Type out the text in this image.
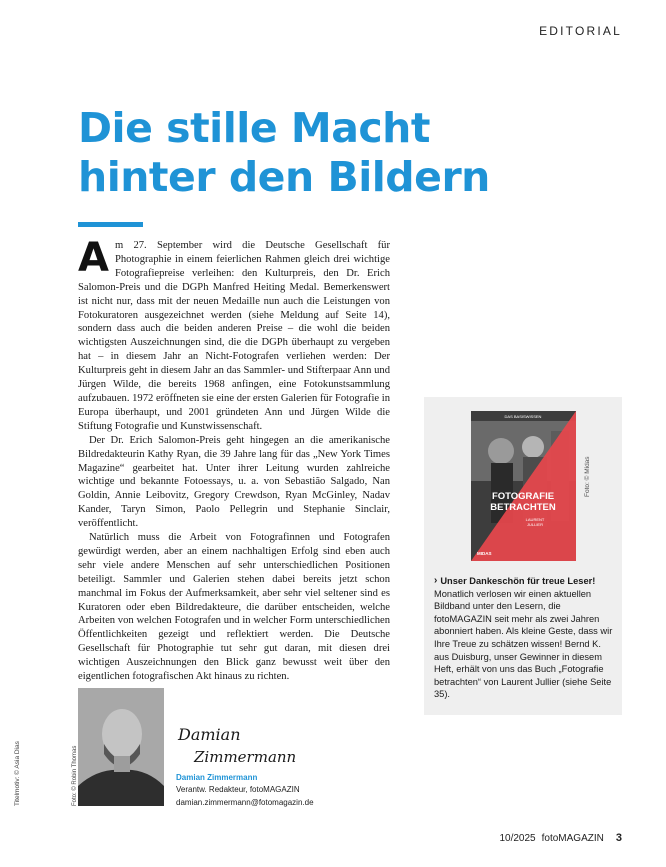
EDITORIAL
Die stille Macht
hinter den Bildern

Am 27. September wird die Deutsche Gesellschaft für Photographie in einem feierlichen Rahmen gleich drei wichtige Fotografiepreise verleihen: den Kulturpreis, den Dr. Erich Salomon-Preis und die DGPh Manfred Heiting Medal. Bemerkenswert ist nicht nur, dass mit der neuen Medaille nun auch die Leistungen von Fotokuratoren ausgezeichnet werden (siehe Meldung auf Seite 14), sondern dass auch die beiden anderen Preise – die wohl die beiden wichtigsten Auszeichnungen sind, die die DGPh überhaupt zu vergeben hat – in diesem Jahr an Nicht-Fotografen verliehen werden: Der Kulturpreis geht in diesem Jahr an das Sammler- und Stifterpaar Ann und Jürgen Wilde, die bereits 1968 anfingen, eine Fotokunstsammlung aufzubauen. 1972 eröffneten sie eine der ersten Galerien für Fotografie in Europa überhaupt, und 2001 gründeten Ann und Jürgen Wilde die Stiftung Fotografie und Kunstwissenschaft.

Der Dr. Erich Salomon-Preis geht hingegen an die amerikanische Bildredakteurin Kathy Ryan, die 39 Jahre lang für das „New York Times Magazine“ gearbeitet hat. Unter ihrer Leitung wurden zahlreiche wichtige und bekannte Fotoessays, u. a. von Sebastião Salgado, Nan Goldin, Annie Leibovitz, Gregory Crewdson, Ryan McGinley, Nadav Kander, Taryn Simon, Paolo Pellegrin und Stephanie Sinclair, veröffentlicht.

Natürlich muss die Arbeit von Fotografinnen und Fotografen gewürdigt werden, aber an einem nachhaltigen Erfolg sind eben auch sehr viele andere Menschen auf sehr unterschiedlichen Positionen beteiligt. Sammler und Galerien stehen dabei bereits jetzt schon manchmal im Fokus der Aufmerksamkeit, aber sehr viel seltener sind es Kuratoren oder eben Bildredakteure, die darüber entscheiden, welche Arbeiten von welchen Fotografen und in welcher Form unterschiedlichen Öffentlichkeiten gezeigt und reflektiert werden. Die Deutsche Gesellschaft für Photographie tut sehr gut daran, mit diesen drei wichtigen Auszeichnungen den Blick ganz bewusst weit über den eigentlichen fotografischen Akt hinaus zu richten.

DAS BASISWISSEN
FOTOGRAFIE
BETRACHTEN
LAURENT
JULLIER
MIDAS
Foto: © Midas
› Unser Dankeschön für treue Leser!
Monatlich verlosen wir einen aktuellen Bildband unter den Lesern, die fotoMAGAZIN seit mehr als zwei Jahren abonniert haben. Als kleine Geste, dass wir Ihre Treue zu schätzen wissen! Bernd K. aus Duisburg, unser Gewinner in diesem Heft, erhält von uns das Buch „Fotografie betrachten“ von Laurent Jullier (siehe Seite 35).
Foto: © Robin Thomas
Titelmotiv: © Asia Dias
Damian
Zimmermann
Damian Zimmermann
Verantw. Redakteur, fotoMAGAZIN
damian.zimmermann@fotomagazin.de
10/2025 fotoMAGAZIN 3
